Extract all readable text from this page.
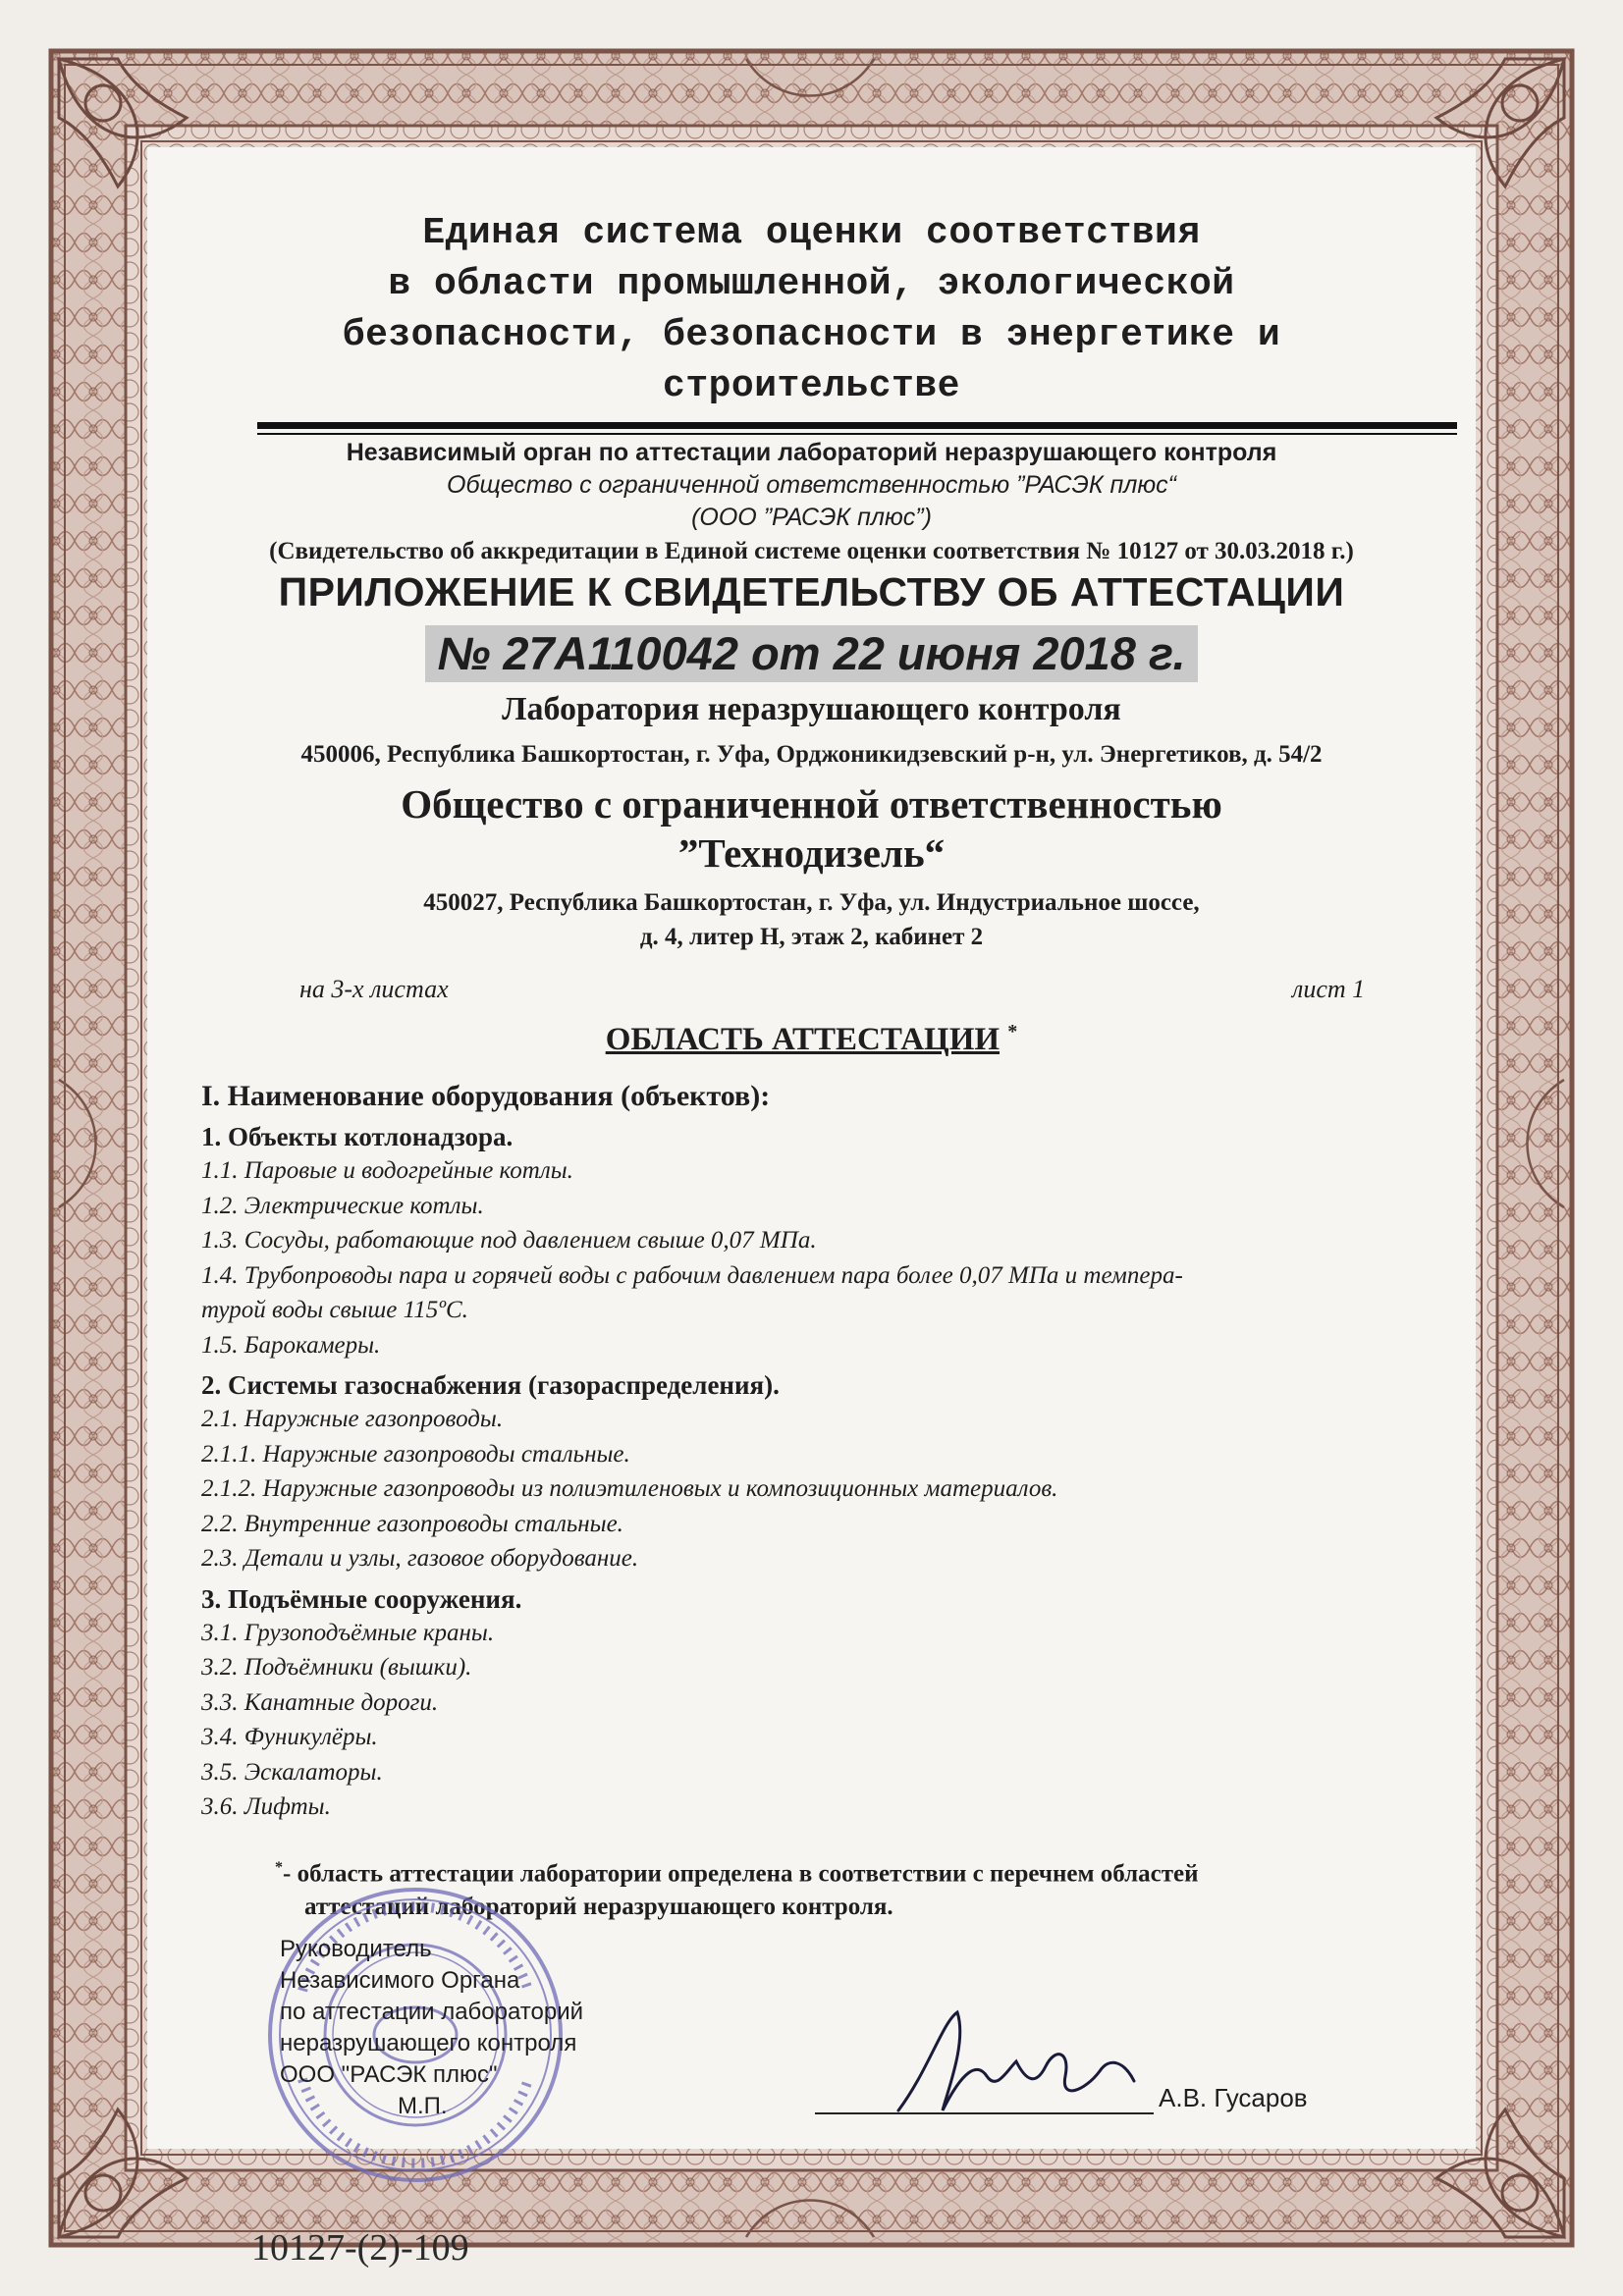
Единая система оценки соответствия
в области промышленной, экологической
безопасности, безопасности в энергетике и
строительстве
Независимый орган по аттестации лабораторий неразрушающего контроля
Общество с ограниченной ответственностью ”РАСЭК плюс“
(ООО ”РАСЭК плюс”)
(Свидетельство об аккредитации в Единой системе оценки соответствия № 10127 от 30.03.2018 г.)
ПРИЛОЖЕНИЕ К СВИДЕТЕЛЬСТВУ ОБ АТТЕСТАЦИИ
№ 27А110042 от 22 июня 2018 г.
Лаборатория неразрушающего контроля
450006, Республика Башкортостан, г. Уфа, Орджоникидзевский р-н, ул. Энергетиков, д. 54/2
Общество с ограниченной ответственностью
”Технодизель“
450027, Республика Башкортостан, г. Уфа, ул. Индустриальное шоссе,
д. 4, литер Н, этаж 2, кабинет 2
на 3-х листах	лист 1
ОБЛАСТЬ АТТЕСТАЦИИ *
I. Наименование оборудования (объектов):
1. Объекты котлонадзора.
1.1. Паровые и водогрейные котлы.
1.2. Электрические котлы.
1.3. Сосуды, работающие под давлением свыше 0,07 МПа.
1.4. Трубопроводы пара и горячей воды с рабочим давлением пара более 0,07 МПа и темпера-
турой воды свыше 115ºС.
1.5. Барокамеры.
2. Системы газоснабжения (газораспределения).
2.1. Наружные газопроводы.
2.1.1. Наружные газопроводы стальные.
2.1.2. Наружные газопроводы из полиэтиленовых и композиционных материалов.
2.2. Внутренние газопроводы стальные.
2.3. Детали и узлы, газовое оборудование.
3. Подъёмные сооружения.
3.1. Грузоподъёмные краны.
3.2. Подъёмники (вышки).
3.3. Канатные дороги.
3.4. Фуникулёры.
3.5. Эскалаторы.
3.6. Лифты.
*- область аттестации лаборатории определена в соответствии с перечнем областей
аттестаций лабораторий неразрушающего контроля.
Руководитель
Независимого Органа
по аттестации лабораторий
неразрушающего контроля
ООО "РАСЭК плюс"
М.П.	А.В. Гусаров
10127-(2)-109
